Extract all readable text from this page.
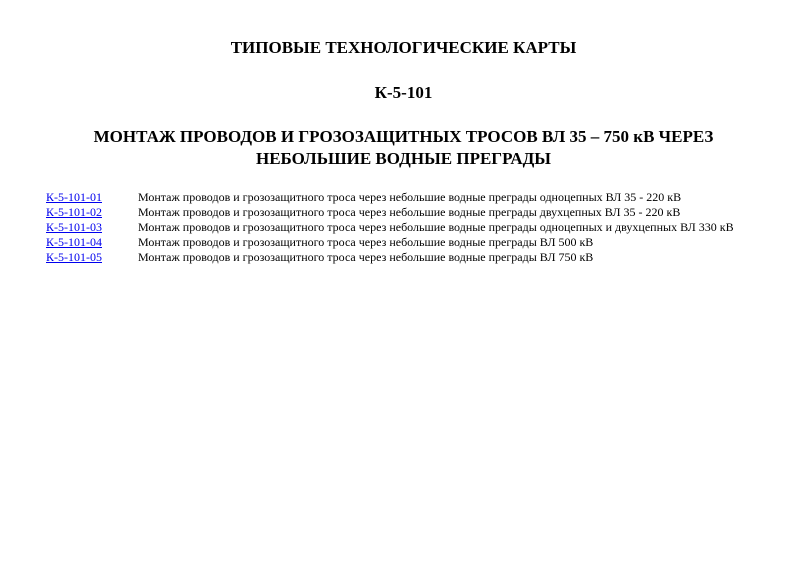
ТИПОВЫЕ ТЕХНОЛОГИЧЕСКИЕ КАРТЫ
К-5-101
МОНТАЖ ПРОВОДОВ И ГРОЗОЗАЩИТНЫХ ТРОСОВ ВЛ 35 – 750 кВ ЧЕРЕЗ
НЕБОЛЬШИЕ ВОДНЫЕ ПРЕГРАДЫ
К-5-101-01	Монтаж проводов и грозозащитного троса через небольшие водные преграды одноцепных ВЛ 35 - 220 кВ
К-5-101-02	Монтаж проводов и грозозащитного троса через небольшие водные преграды двухцепных ВЛ 35 - 220 кВ
К-5-101-03	Монтаж проводов и грозозащитного троса через небольшие водные преграды одноцепных и двухцепных ВЛ 330 кВ
К-5-101-04	Монтаж проводов и грозозащитного троса через небольшие водные преграды ВЛ 500 кВ
К-5-101-05	Монтаж проводов и грозозащитного троса через небольшие водные преграды ВЛ 750 кВ
